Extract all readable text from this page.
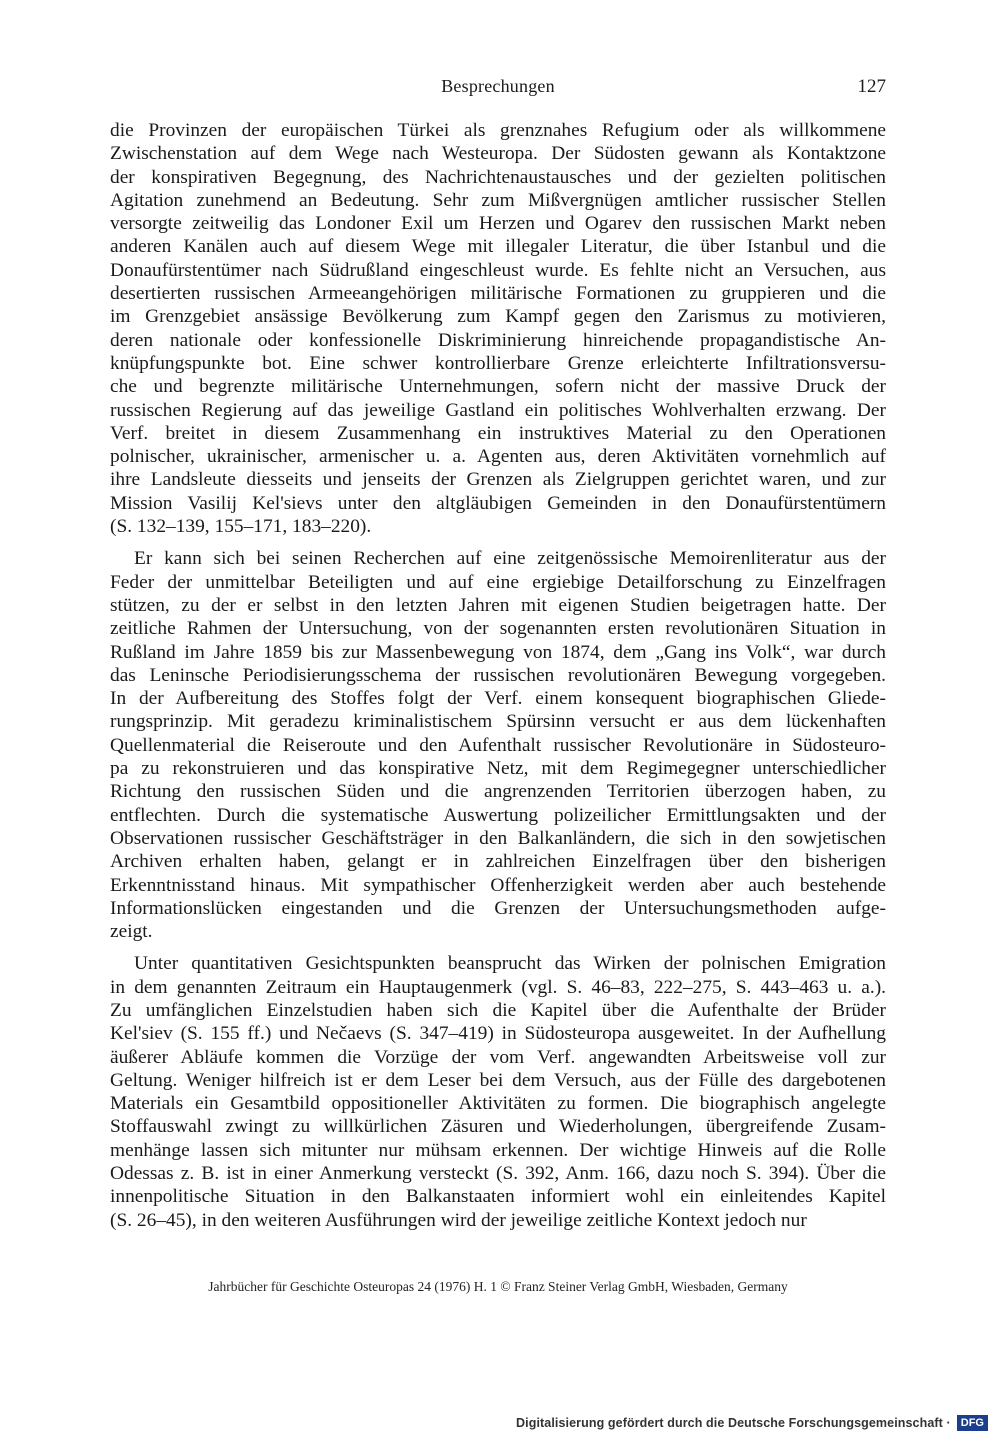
Besprechungen	127
die Provinzen der europäischen Türkei als grenznahes Refugium oder als willkommene
Zwischenstation auf dem Wege nach Westeuropa. Der Südosten gewann als Kontaktzone
der konspirativen Begegnung, des Nachrichtenaustausches und der gezielten politischen
Agitation zunehmend an Bedeutung. Sehr zum Mißvergnügen amtlicher russischer Stellen
versorgte zeitweilig das Londoner Exil um Herzen und Ogarev den russischen Markt neben
anderen Kanälen auch auf diesem Wege mit illegaler Literatur, die über Istanbul und die
Donaufürstentümer nach Südrußland eingeschleust wurde. Es fehlte nicht an Versuchen, aus
desertierten russischen Armeeangehörigen militärische Formationen zu gruppieren und die
im Grenzgebiet ansässige Bevölkerung zum Kampf gegen den Zarismus zu motivieren,
deren nationale oder konfessionelle Diskriminierung hinreichende propagandistische An-
knüpfungspunkte bot. Eine schwer kontrollierbare Grenze erleichterte Infiltrationsversu-
che und begrenzte militärische Unternehmungen, sofern nicht der massive Druck der
russischen Regierung auf das jeweilige Gastland ein politisches Wohlverhalten erzwang. Der
Verf. breitet in diesem Zusammenhang ein instruktives Material zu den Operationen
polnischer, ukrainischer, armenischer u. a. Agenten aus, deren Aktivitäten vornehmlich auf
ihre Landsleute diesseits und jenseits der Grenzen als Zielgruppen gerichtet waren, und zur
Mission Vasilij Kel'sievs unter den altgläubigen Gemeinden in den Donaufürstentümern
(S. 132–139, 155–171, 183–220).
Er kann sich bei seinen Recherchen auf eine zeitgenössische Memoirenliteratur aus der
Feder der unmittelbar Beteiligten und auf eine ergiebige Detailforschung zu Einzelfragen
stützen, zu der er selbst in den letzten Jahren mit eigenen Studien beigetragen hatte. Der
zeitliche Rahmen der Untersuchung, von der sogenannten ersten revolutionären Situation in
Rußland im Jahre 1859 bis zur Massenbewegung von 1874, dem „Gang ins Volk“, war durch
das Leninsche Periodisierungsschema der russischen revolutionären Bewegung vorgegeben.
In der Aufbereitung des Stoffes folgt der Verf. einem konsequent biographischen Gliede-
rungsprinzip. Mit geradezu kriminalistischem Spürsinn versucht er aus dem lückenhaften
Quellenmaterial die Reiseroute und den Aufenthalt russischer Revolutionäre in Südosteuro-
pa zu rekonstruieren und das konspirative Netz, mit dem Regimegegner unterschiedlicher
Richtung den russischen Süden und die angrenzenden Territorien überzogen haben, zu
entflechten. Durch die systematische Auswertung polizeilicher Ermittlungsakten und der
Observationen russischer Geschäftsträger in den Balkanländern, die sich in den sowjetischen
Archiven erhalten haben, gelangt er in zahlreichen Einzelfragen über den bisherigen
Erkenntnisstand hinaus. Mit sympathischer Offenherzigkeit werden aber auch bestehende
Informationslücken eingestanden und die Grenzen der Untersuchungsmethoden aufge-
zeigt.
Unter quantitativen Gesichtspunkten beansprucht das Wirken der polnischen Emigration
in dem genannten Zeitraum ein Hauptaugenmerk (vgl. S. 46–83, 222–275, S. 443–463 u. a.).
Zu umfänglichen Einzelstudien haben sich die Kapitel über die Aufenthalte der Brüder
Kel'siev (S. 155 ff.) und Nečaevs (S. 347–419) in Südosteuropa ausgeweitet. In der Aufhellung
äußerer Abläufe kommen die Vorzüge der vom Verf. angewandten Arbeitsweise voll zur
Geltung. Weniger hilfreich ist er dem Leser bei dem Versuch, aus der Fülle des dargebotenen
Materials ein Gesamtbild oppositioneller Aktivitäten zu formen. Die biographisch angelegte
Stoffauswahl zwingt zu willkürlichen Zäsuren und Wiederholungen, übergreifende Zusam-
menhänge lassen sich mitunter nur mühsam erkennen. Der wichtige Hinweis auf die Rolle
Odessas z. B. ist in einer Anmerkung versteckt (S. 392, Anm. 166, dazu noch S. 394). Über die
innenpolitische Situation in den Balkanstaaten informiert wohl ein einleitendes Kapitel
(S. 26–45), in den weiteren Ausführungen wird der jeweilige zeitliche Kontext jedoch nur
Jahrbücher für Geschichte Osteuropas 24 (1976) H. 1 © Franz Steiner Verlag GmbH, Wiesbaden, Germany
Digitalisierung gefördert durch die Deutsche Forschungsgemeinschaft · DFG
